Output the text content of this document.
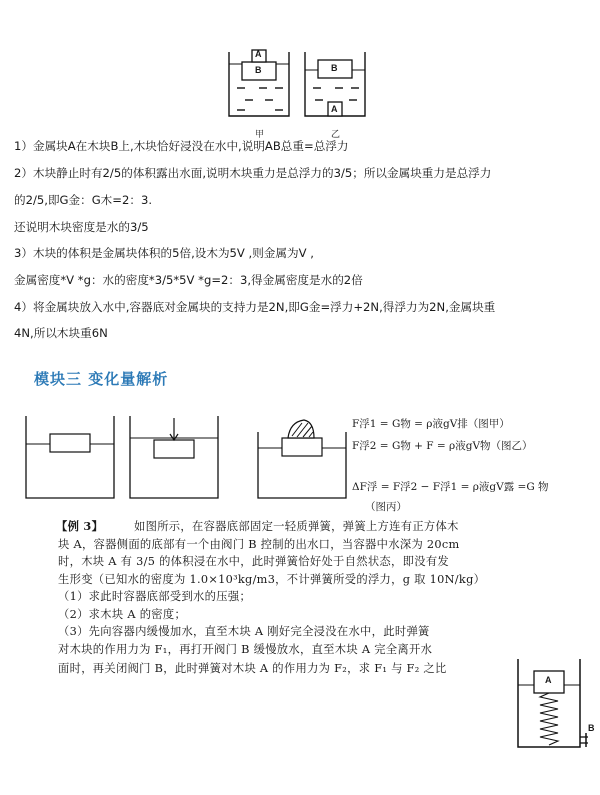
A
B
A
B
甲	乙
1）金属块A在木块B上,木块恰好浸没在水中,说明AB总重=总浮力
2）木块静止时有2/5的体积露出水面,说明木块重力是总浮力的3/5；所以金属块重力是总浮力
的2/5,即G金：G木=2：3.
还说明木块密度是水的3/5
3）木块的体积是金属块体积的5倍,设木为5V ,则金属为V ,
金属密度*V *g：水的密度*3/5*5V *g=2：3,得金属密度是水的2倍
4）将金属块放入水中,容器底对金属块的支持力是2N,即G金=浮力+2N,得浮力为2N,金属块重
4N,所以木块重6N
模块三 变化量解析
F浮1 = G物 = ρ液gV排（图甲）
F浮2 = G物 + F = ρ液gV物（图乙）
ΔF浮 = F浮2 − F浮1 = ρ液gV露 =G 物
（图丙）
【例 3】	如图所示，在容器底部固定一轻质弹簧，弹簧上方连有正方体木
块 A，容器侧面的底部有一个由阀门 B 控制的出水口，当容器中水深为 20cm
时，木块 A 有 3/5 的体积浸在水中，此时弹簧恰好处于自然状态，即没有发
生形变（已知水的密度为 1.0×10³kg/m3，不计弹簧所受的浮力，g 取 10N/kg）
（1）求此时容器底部受到水的压强；
（2）求木块 A 的密度；
（3）先向容器内缓慢加水，直至木块 A 刚好完全浸没在水中，此时弹簧
对木块的作用力为 F₁，再打开阀门 B 缓慢放水，直至木块 A 完全离开水
面时，再关闭阀门 B，此时弹簧对木块 A 的作用力为 F₂，求 F₁ 与 F₂ 之比
A
B
